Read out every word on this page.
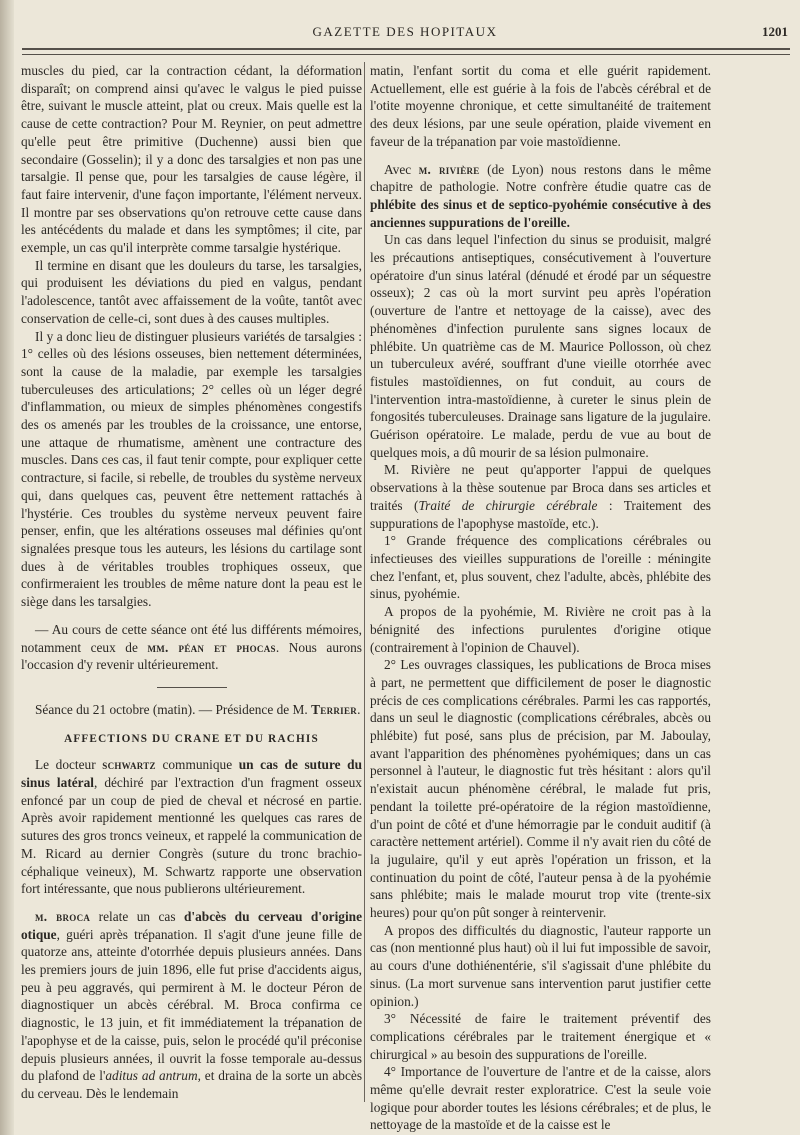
GAZETTE DES HOPITAUX	1201

muscles du pied, car la contraction cédant, la déformation disparaît; on comprend ainsi qu'avec le valgus le pied puisse être, suivant le muscle atteint, plat ou creux. Mais quelle est la cause de cette contraction? Pour M. Reynier, on peut admettre qu'elle peut être primitive (Duchenne) aussi bien que secondaire (Gosselin); il y a donc des tarsalgies et non pas une tarsalgie. Il pense que, pour les tarsalgies de cause légère, il faut faire intervenir, d'une façon importante, l'élément nerveux. Il montre par ses observations qu'on retrouve cette cause dans les antécédents du malade et dans les symptômes; il cite, par exemple, un cas qu'il interprète comme tarsalgie hystérique.

Il termine en disant que les douleurs du tarse, les tarsalgies, qui produisent les déviations du pied en valgus, pendant l'adolescence, tantôt avec affaissement de la voûte, tantôt avec conservation de celle-ci, sont dues à des causes multiples.

Il y a donc lieu de distinguer plusieurs variétés de tarsalgies : 1° celles où des lésions osseuses, bien nettement déterminées, sont la cause de la maladie, par exemple les tarsalgies tuberculeuses des articulations; 2° celles où un léger degré d'inflammation, ou mieux de simples phénomènes congestifs des os amenés par les troubles de la croissance, une entorse, une attaque de rhumatisme, amènent une contracture des muscles. Dans ces cas, il faut tenir compte, pour expliquer cette contracture, si facile, si rebelle, de troubles du système nerveux qui, dans quelques cas, peuvent être nettement rattachés à l'hystérie. Ces troubles du système nerveux peuvent faire penser, enfin, que les altérations osseuses mal définies qu'ont signalées presque tous les auteurs, les lésions du cartilage sont dues à de véritables troubles trophiques osseux, que confirmeraient les troubles de même nature dont la peau est le siège dans les tarsalgies.

— Au cours de cette séance ont été lus différents mémoires, notamment ceux de mm. péan et phocas. Nous aurons l'occasion d'y revenir ultérieurement.

Séance du 21 octobre (matin). — Présidence de M. Terrier.

AFFECTIONS DU CRANE ET DU RACHIS

Le docteur schwartz communique un cas de suture du sinus latéral, déchiré par l'extraction d'un fragment osseux enfoncé par un coup de pied de cheval et nécrosé en partie. Après avoir rapidement mentionné les quelques cas rares de sutures des gros troncs veineux, et rappelé la communication de M. Ricard au dernier Congrès (suture du tronc brachio-céphalique veineux), M. Schwartz rapporte une observation fort intéressante, que nous publierons ultérieurement.

m. broca relate un cas d'abcès du cerveau d'origine otique, guéri après trépanation. Il s'agit d'une jeune fille de quatorze ans, atteinte d'otorrhée depuis plusieurs années. Dans les premiers jours de juin 1896, elle fut prise d'accidents aigus, peu à peu aggravés, qui permirent à M. le docteur Péron de diagnostiquer un abcès cérébral. M. Broca confirma ce diagnostic, le 13 juin, et fit immédiatement la trépanation de l'apophyse et de la caisse, puis, selon le procédé qu'il préconise depuis plusieurs années, il ouvrit la fosse temporale au-dessus du plafond de l'aditus ad antrum, et draina de la sorte un abcès du cerveau. Dès le lendemain

matin, l'enfant sortit du coma et elle guérit rapidement. Actuellement, elle est guérie à la fois de l'abcès cérébral et de l'otite moyenne chronique, et cette simultanéité de traitement des deux lésions, par une seule opération, plaide vivement en faveur de la trépanation par voie mastoïdienne.

Avec m. rivière (de Lyon) nous restons dans le même chapitre de pathologie. Notre confrère étudie quatre cas de phlébite des sinus et de septico-pyohémie consécutive à des anciennes suppurations de l'oreille.

Un cas dans lequel l'infection du sinus se produisit, malgré les précautions antiseptiques, consécutivement à l'ouverture opératoire d'un sinus latéral (dénudé et érodé par un séquestre osseux); 2 cas où la mort survint peu après l'opération (ouverture de l'antre et nettoyage de la caisse), avec des phénomènes d'infection purulente sans signes locaux de phlébite. Un quatrième cas de M. Maurice Pollosson, où chez un tuberculeux avéré, souffrant d'une vieille otorrhée avec fistules mastoïdiennes, on fut conduit, au cours de l'intervention intra-mastoïdienne, à cureter le sinus plein de fongosités tuberculeuses. Drainage sans ligature de la jugulaire. Guérison opératoire. Le malade, perdu de vue au bout de quelques mois, a dû mourir de sa lésion pulmonaire.

M. Rivière ne peut qu'apporter l'appui de quelques observations à la thèse soutenue par Broca dans ses articles et traités (Traité de chirurgie cérébrale : Traitement des suppurations de l'apophyse mastoïde, etc.).

1° Grande fréquence des complications cérébrales ou infectieuses des vieilles suppurations de l'oreille : méningite chez l'enfant, et, plus souvent, chez l'adulte, abcès, phlébite des sinus, pyohémie.

A propos de la pyohémie, M. Rivière ne croit pas à la bénignité des infections purulentes d'origine otique (contrairement à l'opinion de Chauvel).

2° Les ouvrages classiques, les publications de Broca mises à part, ne permettent que difficilement de poser le diagnostic précis de ces complications cérébrales. Parmi les cas rapportés, dans un seul le diagnostic (complications cérébrales, abcès ou phlébite) fut posé, sans plus de précision, par M. Jaboulay, avant l'apparition des phénomènes pyohémiques; dans un cas personnel à l'auteur, le diagnostic fut très hésitant : alors qu'il n'existait aucun phénomène cérébral, le malade fut pris, pendant la toilette pré-opératoire de la région mastoïdienne, d'un point de côté et d'une hémorragie par le conduit auditif (à caractère nettement artériel). Comme il n'y avait rien du côté de la jugulaire, qu'il y eut après l'opération un frisson, et la continuation du point de côté, l'auteur pensa à de la pyohémie sans phlébite; mais le malade mourut trop vite (trente-six heures) pour qu'on pût songer à reintervenir.

A propos des difficultés du diagnostic, l'auteur rapporte un cas (non mentionné plus haut) où il lui fut impossible de savoir, au cours d'une dothiénentérie, s'il s'agissait d'une phlébite du sinus. (La mort survenue sans intervention parut justifier cette opinion.)

3° Nécessité de faire le traitement préventif des complications cérébrales par le traitement énergique et « chirurgical » au besoin des suppurations de l'oreille.

4° Importance de l'ouverture de l'antre et de la caisse, alors même qu'elle devrait rester exploratrice. C'est la seule voie logique pour aborder toutes les lésions cérébrales; et de plus, le nettoyage de la mastoïde et de la caisse est le
